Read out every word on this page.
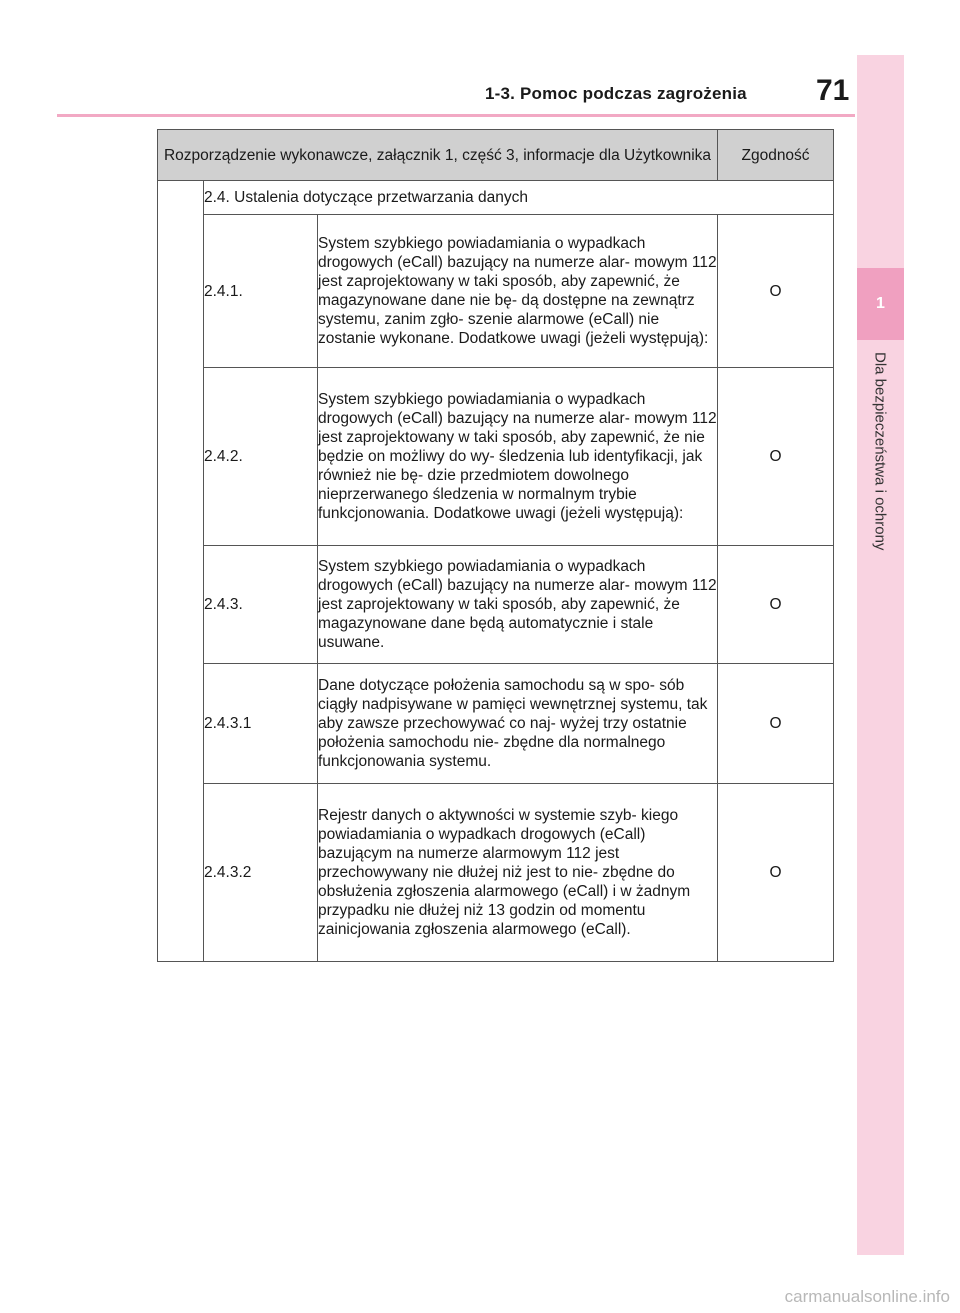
1
Dla bezpieczeństwa i ochrony
1-3. Pomoc podczas zagrożenia 71
Rozporządzenie wykonawcze, załącznik 1, część 3, informacje dla Użytkownika			Zgodność
	2.4. Ustalenia dotyczące przetwarzania danych		
	2.4.1.	System szybkiego powiadamiania o wypadkach drogowych (eCall) bazujący na numerze alar- mowym 112 jest zaprojektowany w taki sposób, aby zapewnić, że magazynowane dane nie bę- dą dostępne na zewnątrz systemu, zanim zgło- szenie alarmowe (eCall) nie zostanie wykonane. Dodatkowe uwagi (jeżeli występują):	O
	2.4.2.	System szybkiego powiadamiania o wypadkach drogowych (eCall) bazujący na numerze alar- mowym 112 jest zaprojektowany w taki sposób, aby zapewnić, że nie będzie on możliwy do wy- śledzenia lub identyfikacji, jak również nie bę- dzie przedmiotem dowolnego nieprzerwanego śledzenia w normalnym trybie funkcjonowania. Dodatkowe uwagi (jeżeli występują):	O
	2.4.3.	System szybkiego powiadamiania o wypadkach drogowych (eCall) bazujący na numerze alar- mowym 112 jest zaprojektowany w taki sposób, aby zapewnić, że magazynowane dane będą automatycznie i stale usuwane.	O
	2.4.3.1	Dane dotyczące położenia samochodu są w spo- sób ciągły nadpisywane w pamięci wewnętrznej systemu, tak aby zawsze przechowywać co naj- wyżej trzy ostatnie położenia samochodu nie- zbędne dla normalnego funkcjonowania systemu.	O
	2.4.3.2	Rejestr danych o aktywności w systemie szyb- kiego powiadamiania o wypadkach drogowych (eCall) bazującym na numerze alarmowym 112 jest przechowywany nie dłużej niż jest to nie- zbędne do obsłużenia zgłoszenia alarmowego (eCall) i w żadnym przypadku nie dłużej niż 13 godzin od momentu zainicjowania zgłoszenia alarmowego (eCall).	O
carmanualsonline.info
